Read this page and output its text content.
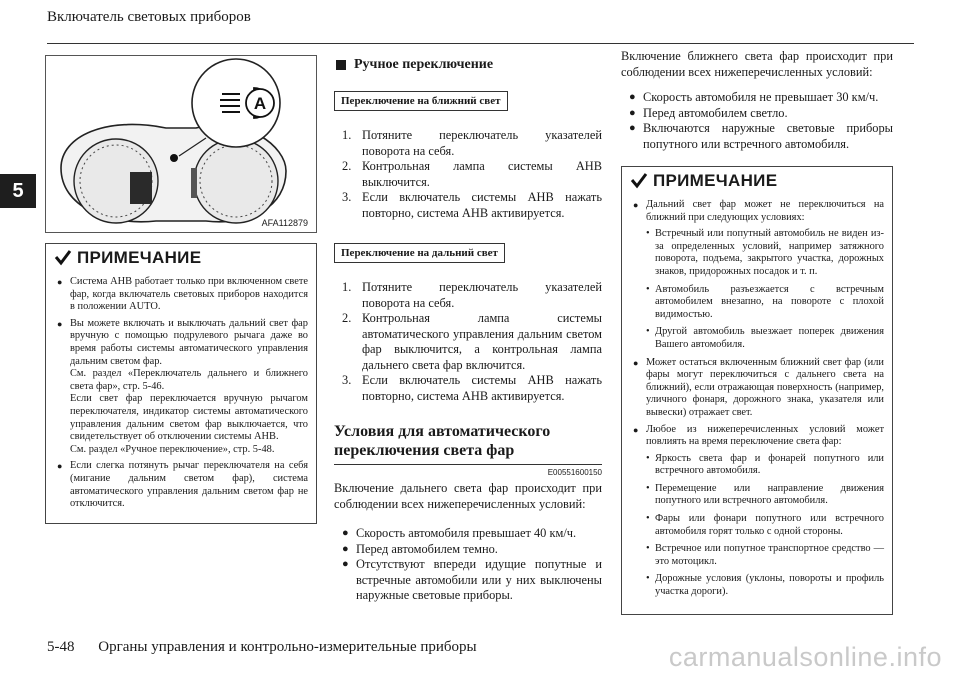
Включатель световых приборов
5
A
AFA112879
ПРИМЕЧАНИЕ
● Система АНВ работает только при включенном свете фар, когда включатель световых приборов находится в положении AUTO.
● Вы можете включать и выключать дальний свет фар вручную с помощью подрулевого рычага даже во время работы системы автоматического управления дальним светом фар.
См. раздел «Переключатель дальнего и ближнего света фар», стр. 5-46.
Если свет фар переключается вручную рычагом переключателя, индикатор системы автоматического управления дальним светом фар выключается, что свидетельствует об отключении системы АНВ.
См. раздел «Ручное переключение», стр. 5-48.
● Если слегка потянуть рычаг переключателя на себя (мигание дальним светом фар), система автоматического управления дальним светом фар не отключится.
Ручное переключение
Переключение на ближний свет
1. Потяните переключатель указателей поворота на себя.
2. Контрольная лампа системы АНВ выключится.
3. Если включатель системы АНВ нажать повторно, система АНВ активируется.
Переключение на дальний свет
1. Потяните переключатель указателей поворота на себя.
2. Контрольная лампа системы автоматического управления дальним светом фар выключится, а контрольная лампа дальнего света фар включится.
3. Если включатель системы АНВ нажать повторно, система АНВ активируется.
Условия для автоматического переключения света фар
E00551600150
Включение дальнего света фар происходит при соблюдении всех нижеперечисленных условий:
● Скорость автомобиля превышает 40 км/ч.
● Перед автомобилем темно.
● Отсутствуют впереди идущие попутные и встречные автомобили или у них выключены наружные световые приборы.
Включение ближнего света фар происходит при соблюдении всех нижеперечисленных условий:
● Скорость автомобиля не превышает 30 км/ч.
● Перед автомобилем светло.
● Включаются наружные световые приборы попутного или встречного автомобиля.
ПРИМЕЧАНИЕ
● Дальний свет фар может не переключиться на ближний при следующих условиях:
• Встречный или попутный автомобиль не виден из-за определенных условий, например затяжного поворота, подъема, закрытого участка, дорожных знаков, придорожных посадок и т. п.
• Автомобиль разъезжается с встречным автомобилем внезапно, на повороте с плохой видимостью.
• Другой автомобиль выезжает поперек движения Вашего автомобиля.
● Может остаться включенным ближний свет фар (или фары могут переключиться с дальнего света на ближний), если отражающая поверхность (например, уличного фонаря, дорожного знака, указателя или вывески) отражает свет.
● Любое из нижеперечисленных условий может повлиять на время переключение света фар:
• Яркость света фар и фонарей попутного или встречного автомобиля.
• Перемещение или направление движения попутного или встречного автомобиля.
• Фары или фонари попутного или встречного автомобиля горят только с одной стороны.
• Встречное или попутное транспортное средство — это мотоцикл.
• Дорожные условия (уклоны, повороты и профиль участка дороги).
5-48 Органы управления и контрольно-измерительные приборы	carmanualsonline.info
